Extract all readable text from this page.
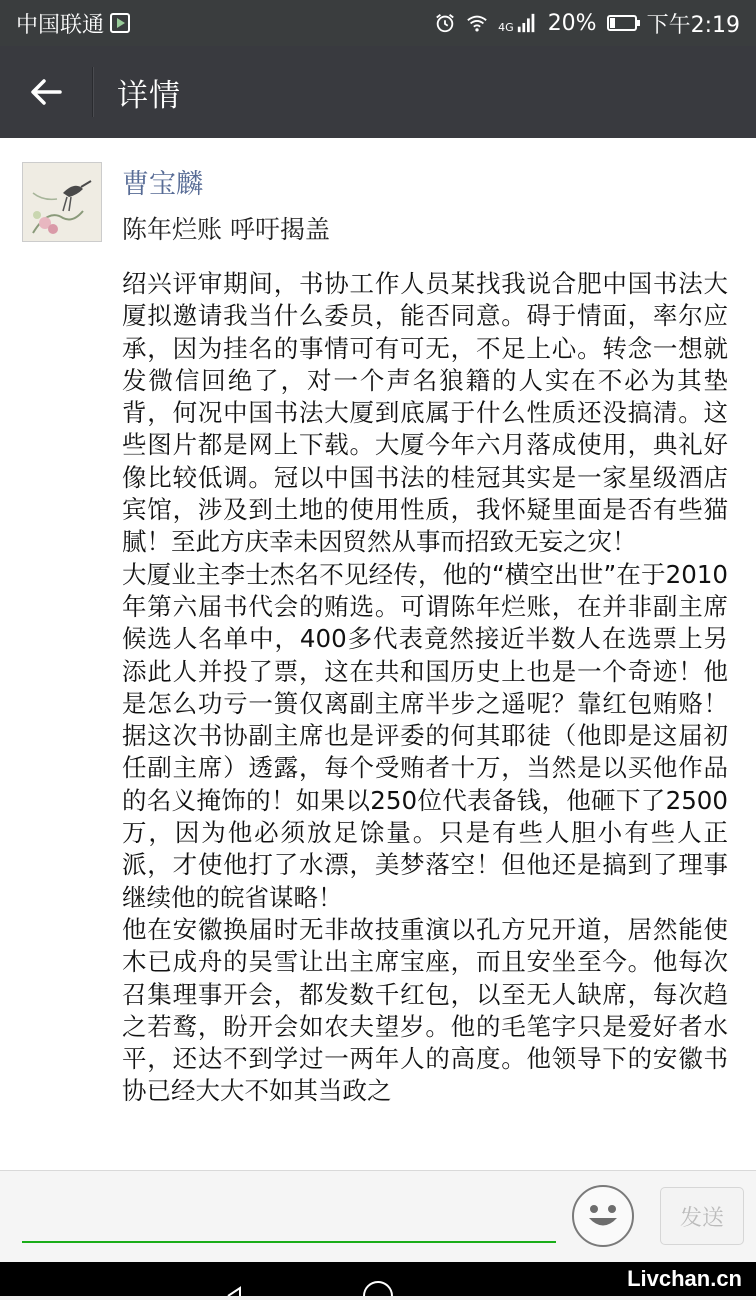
中国联通	4G 20% 下午2:19
详情
曹宝麟
陈年烂账 呼吁揭盖

绍兴评审期间，书协工作人员某找我说合肥中国书法大厦拟邀请我当什么委员，能否同意。碍于情面，率尔应承，因为挂名的事情可有可无，不足上心。转念一想就发微信回绝了，对一个声名狼籍的人实在不必为其垫背，何况中国书法大厦到底属于什么性质还没搞清。这些图片都是网上下载。大厦今年六月落成使用，典礼好像比较低调。冠以中国书法的桂冠其实是一家星级酒店宾馆，涉及到土地的使用性质，我怀疑里面是否有些猫腻！至此方庆幸未因贸然从事而招致无妄之灾！

大厦业主李士杰名不见经传，他的“横空出世”在于2010年第六届书代会的贿选。可谓陈年烂账，在并非副主席候选人名单中，400多代表竟然接近半数人在选票上另添此人并投了票，这在共和国历史上也是一个奇迹！他是怎么功亏一篑仅离副主席半步之遥呢？靠红包贿赂！据这次书协副主席也是评委的何其耶徒（他即是这届初任副主席）透露，每个受贿者十万，当然是以买他作品的名义掩饰的！如果以250位代表备钱，他砸下了2500万，因为他必须放足馀量。只是有些人胆小有些人正派，才使他打了水漂，美梦落空！但他还是搞到了理事继续他的皖省谋略！

他在安徽换届时无非故技重演以孔方兄开道，居然能使木已成舟的吴雪让出主席宝座，而且安坐至今。他每次召集理事开会，都发数千红包，以至无人缺席，每次趋之若鹜，盼开会如农夫望岁。他的毛笔字只是爱好者水平，还达不到学过一两年人的高度。他领导下的安徽书协已经大大不如其当政之

发送
Livchan.cn
